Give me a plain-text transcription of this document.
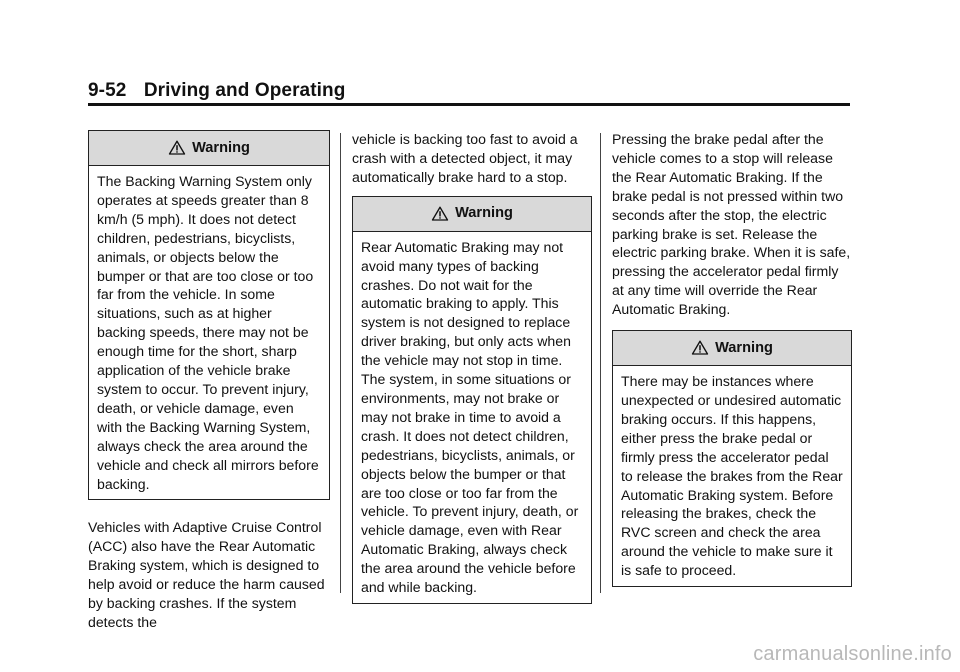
9-52 Driving and Operating
Warning
The Backing Warning System only operates at speeds greater than 8 km/h (5 mph). It does not detect children, pedestrians, bicyclists, animals, or objects below the bumper or that are too close or too far from the vehicle. In some situations, such as at higher backing speeds, there may not be enough time for the short, sharp application of the vehicle brake system to occur. To prevent injury, death, or vehicle damage, even with the Backing Warning System, always check the area around the vehicle and check all mirrors before backing.

Vehicles with Adaptive Cruise Control (ACC) also have the Rear Automatic Braking system, which is designed to help avoid or reduce the harm caused by backing crashes. If the system detects the

vehicle is backing too fast to avoid a crash with a detected object, it may automatically brake hard to a stop.

Warning
Rear Automatic Braking may not avoid many types of backing crashes. Do not wait for the automatic braking to apply. This system is not designed to replace driver braking, but only acts when the vehicle may not stop in time. The system, in some situations or environments, may not brake or may not brake in time to avoid a crash. It does not detect children, pedestrians, bicyclists, animals, or objects below the bumper or that are too close or too far from the vehicle. To prevent injury, death, or vehicle damage, even with Rear Automatic Braking, always check the area around the vehicle before and while backing.

Pressing the brake pedal after the vehicle comes to a stop will release the Rear Automatic Braking. If the brake pedal is not pressed within two seconds after the stop, the electric parking brake is set. Release the electric parking brake. When it is safe, pressing the accelerator pedal firmly at any time will override the Rear Automatic Braking.

Warning
There may be instances where unexpected or undesired automatic braking occurs. If this happens, either press the brake pedal or firmly press the accelerator pedal to release the brakes from the Rear Automatic Braking system. Before releasing the brakes, check the RVC screen and check the area around the vehicle to make sure it is safe to proceed.
carmanualsonline.info
